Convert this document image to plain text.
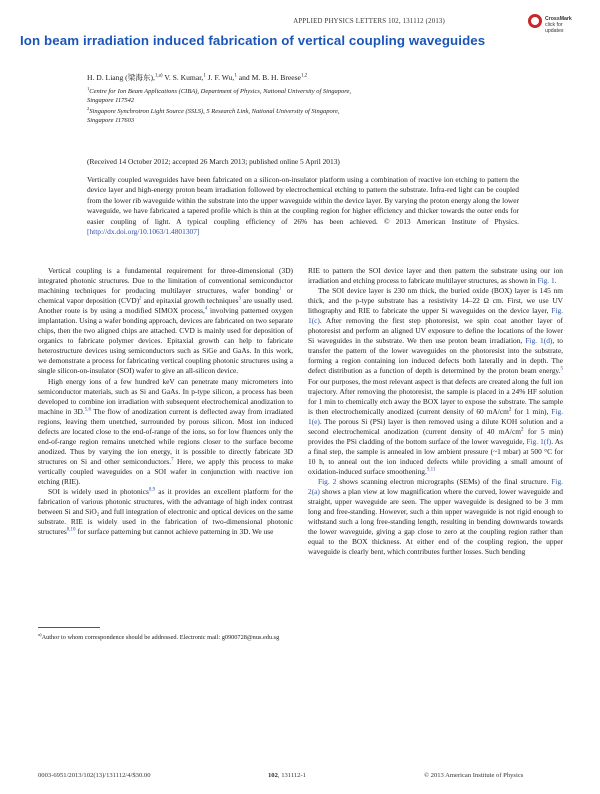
APPLIED PHYSICS LETTERS 102, 131112 (2013)	CrossMark
click for updates
Ion beam irradiation induced fabrication of vertical coupling waveguides
H. D. Liang (梁海东),$^{1,a)}$ V. S. Kumar,$^1$ J. F. Wu,$^1$ and M. B. H. Breese$^{1,2}$
$^1$Centre for Ion Beam Applications (CIBA), Department of Physics, National University of Singapore,
Singapore 117542
$^2$Singapore Synchrotron Light Source (SSLS), 5 Research Link, National University of Singapore,
Singapore 117603
(Received 14 October 2012; accepted 26 March 2013; published online 5 April 2013)
Vertically coupled waveguides have been fabricated on a silicon-on-insulator platform using a combination of reactive ion etching to pattern the device layer and high-energy proton beam irradiation followed by electrochemical etching to pattern the substrate. Infra-red light can be coupled from the lower rib waveguide within the substrate into the upper waveguide within the device layer. By varying the proton energy along the lower waveguide, we have fabricated a tapered profile which is thin at the coupling region for higher efficiency and thicker towards the outer ends for easier coupling of light. A typical coupling efficiency of 26% has been achieved. © 2013 American Institute of Physics. [http://dx.doi.org/10.1063/1.4801307]

Vertical coupling is a fundamental requirement for three-dimensional (3D) integrated photonic structures. Due to the limitation of conventional semiconductor machining techniques for producing multilayer structures, wafer bonding$^1$ or chemical vapor deposition (CVD)$^2$ and epitaxial growth techniques$^3$ are usually used. Another route is by using a modified SIMOX process,$^4$ involving patterned oxygen implantation. Using a wafer bonding approach, devices are fabricated on two separate chips, then the two aligned chips are attached. CVD is mainly used for deposition of organics to fabricate polymer devices. Epitaxial growth can help to fabricate heterostructure devices using semiconductors such as SiGe and GaAs. In this work, we demonstrate a process for fabricating vertical coupling photonic structures using a single silicon-on-insulator (SOI) wafer to give an all-silicon device.

High energy ions of a few hundred keV can penetrate many micrometers into semiconductor materials, such as Si and GaAs. In p-type silicon, a process has been developed to combine ion irradiation with subsequent electrochemical anodization to machine in 3D.$^{5,6}$ The flow of anodization current is deflected away from irradiated regions, leaving them unetched, surrounded by porous silicon. Most ion induced defects are located close to the end-of-range of the ions, so for low fluences only the end-of-range region remains unetched while regions closer to the surface become anodized. Thus by varying the ion energy, it is possible to directly fabricate 3D structures on Si and other semiconductors.$^7$ Here, we apply this process to make vertically coupled waveguides on a SOI wafer in conjunction with reactive ion etching (RIE).

SOI is widely used in photonics$^{8,9}$ as it provides an excellent platform for the fabrication of various photonic structures, with the advantage of high index contrast between Si and SiO₂ and full integration of electronic and optical devices on the same substrate. RIE is widely used in the fabrication of two-dimensional photonic structures$^{8,10}$ for surface patterning but cannot achieve patterning in 3D. We use

RIE to pattern the SOI device layer and then pattern the substrate using our ion irradiation and etching process to fabricate multilayer structures, as shown in Fig. 1.

The SOI device layer is 230 nm thick, the buried oxide (BOX) layer is 145 nm thick, and the p-type substrate has a resistivity 14–22 Ω cm. First, we use UV lithography and RIE to fabricate the upper Si waveguides on the device layer, Fig. 1(c). After removing the first step photoresist, we spin coat another layer of photoresist and perform an aligned UV exposure to define the locations of the lower Si waveguides in the substrate. We then use proton beam irradiation, Fig. 1(d), to transfer the pattern of the lower waveguides on the photoresist into the substrate, forming a region containing ion induced defects both laterally and in depth. The defect distribution as a function of depth is determined by the proton beam energy.$^5$ For our purposes, the most relevant aspect is that defects are created along the full ion trajectory. After removing the photoresist, the sample is placed in a 24% HF solution for 1 min to chemically etch away the BOX layer to expose the substrate. The sample is then electrochemically anodized (current density of 60 $mA/cm^2$ for 1 min), Fig. 1(e). The porous Si (PSi) layer is then removed using a dilute KOH solution and a second electrochemical anodization (current density of 40 $mA/cm^2$ for 5 min) provides the PSi cladding of the bottom surface of the lower waveguide, Fig. 1(f). As a final step, the sample is annealed in low ambient pressure (~1 mbar) at 500 °C for 10 h, to anneal out the ion induced defects while providing a small amount of oxidation-induced surface smoothening.$^{9,11}$

Fig. 2 shows scanning electron micrographs (SEMs) of the final structure. Fig. 2(a) shows a plan view at low magnification where the curved, lower waveguide and straight, upper waveguide are seen. The upper waveguide is designed to be 3 mm long and free-standing. However, such a thin upper waveguide is not rigid enough to withstand such a long free-standing length, resulting in bending downwards towards the lower waveguide, giving a gap close to zero at the coupling region rather than equal to the BOX thickness. At either end of the coupling region, the upper waveguide is clearly bent, which contributes further losses. Such bending

$^{a)}$Author to whom correspondence should be addressed. Electronic mail: g0900728@nus.edu.sg
0003-6951/2013/102(13)/131112/4/$30.00	102, 131112-1	© 2013 American Institute of Physics
